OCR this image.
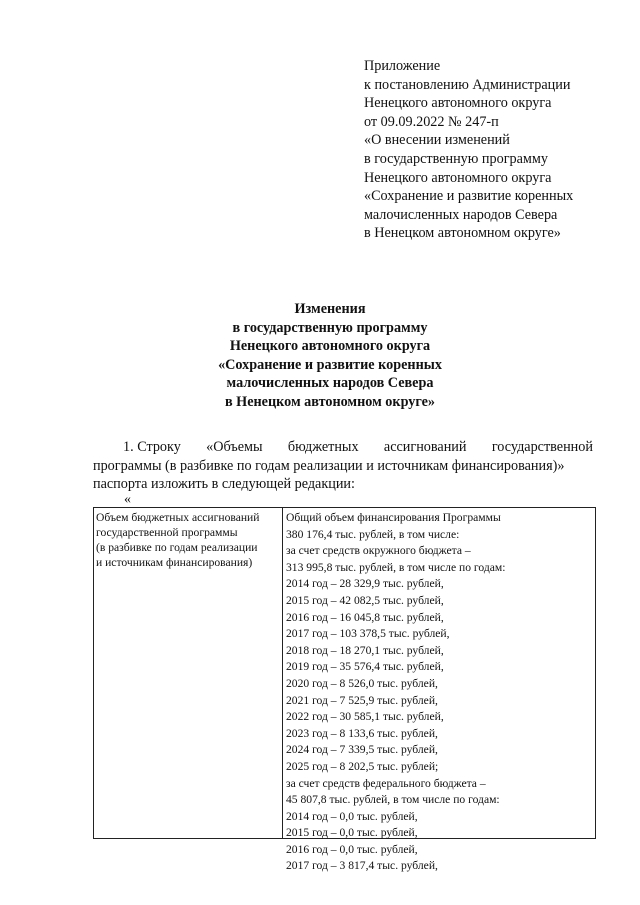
Приложение
к постановлению Администрации
Ненецкого автономного округа
от 09.09.2022 № 247-п
«О внесении изменений
в государственную программу
Ненецкого автономного округа
«Сохранение и развитие коренных
малочисленных народов Севера
в Ненецком автономном округе»
Изменения
в государственную программу
Ненецкого автономного округа
«Сохранение и развитие коренных
малочисленных народов Севера
в Ненецком автономном округе»
1. Строку «Объемы бюджетных ассигнований государственной
программы (в разбивке по годам реализации и источникам финансирования)»
паспорта изложить в следующей редакции:
«
Объем бюджетных ассигнований
государственной программы
(в разбивке по годам реализации
и источникам финансирования)
Общий объем финансирования Программы
380 176,4 тыс. рублей, в том числе:
за счет средств окружного бюджета –
313 995,8 тыс. рублей, в том числе по годам:
2014 год – 28 329,9 тыс. рублей,
2015 год – 42 082,5 тыс. рублей,
2016 год – 16 045,8 тыс. рублей,
2017 год – 103 378,5 тыс. рублей,
2018 год – 18 270,1 тыс. рублей,
2019 год – 35 576,4 тыс. рублей,
2020 год – 8 526,0 тыс. рублей,
2021 год – 7 525,9 тыс. рублей,
2022 год – 30 585,1 тыс. рублей,
2023 год – 8 133,6 тыс. рублей,
2024 год – 7 339,5 тыс. рублей,
2025 год – 8 202,5 тыс. рублей;
за счет средств федерального бюджета –
45 807,8 тыс. рублей, в том числе по годам:
2014 год – 0,0 тыс. рублей,
2015 год – 0,0 тыс. рублей,
2016 год – 0,0 тыс. рублей,
2017 год – 3 817,4 тыс. рублей,
